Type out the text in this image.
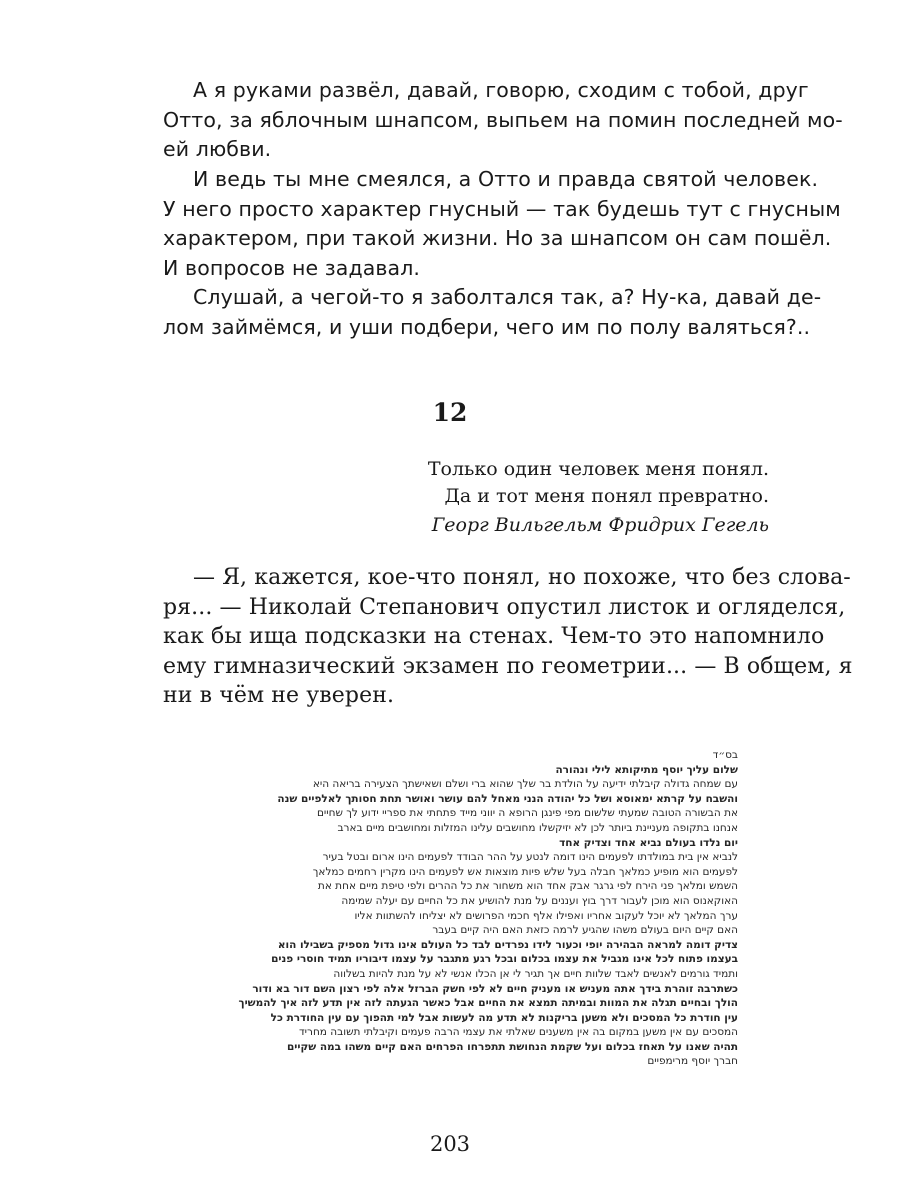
А я руками развёл, давай, говорю, сходим с тобой, друг
Отто, за яблочным шнапсом, выпьем на помин последней мо-
ей любви.

И ведь ты мне смеялся, а Отто и правда святой человек.
У него просто характер гнусный — так будешь тут с гнусным
характером, при такой жизни. Но за шнапсом он сам пошёл.
И вопросов не задавал.

Слушай, а чегой-то я заболтался так, а? Ну-ка, давай де-
лом займёмся, и уши подбери, чего им по полу валяться?..

12
Только один человек меня понял.
Да и тот меня понял превратно.
Георг Вильгельм Фридрих Гегель

— Я, кажется, кое-что понял, но похоже, что без слова-
ря... — Николай Степанович опустил листок и огляделся,
как бы ища подсказки на стенах. Чем-то это напомнило
ему гимназический экзамен по геометрии... — В общем, я
ни в чём не уверен.

בס״ד
שלום עליך יוסף מתיקותא לילי ונהורה
עם שמחה גדולה קיבלתי ידיעה על הולדת בר שלך שהוא ברי ושלם ושאישתך הצעירה בריאה היא
והשבח על קרתא ימאוסא ושל כל יהודה הנני מאחל להם עושר ואושר תחת חסותך לאלפיים שנה
את הבשורה הטובה שמעתי שלשום מפי פינגן הרופא ה יווני מייד פתחתי את ספריי ידוע לך שחיים
אנחנו בתקופה מעניינת ביותר לכן לא יזיקשלו מחושבים עלינו המזלות ומחושבים מיים בארב
יום נלדו בעולם נביא אחד וצדיק אחד
לנביא אין בית במולדתו לפעמים הינו דומה לנטע על ההר הבודד לפעמים הינו ארום ובטל בעיר
לפעמים הוא מופיע כמלאך חבלה בעל שלש פיות מוצאות אש לפעמים הינו מקרין רחמים כמלאך
השמש ומלאך פני הירח לפי גרגר אבק אחד הוא משחור את כל ההרים ולפי טיפת מיים אחת את
האוקאנוס הוא מוכן לעבור דרך בוץ ועננים על מנת להושיע את כל החיים עם יעלה שמימה
ערך המלאך לא יוכל לעקוב אחריו ואפילו אלף חכמי הפרושים לא יצליחו להשתוות אליו
האם קיים היום בעולם משהו שהגיע לרמה כזאת האם היה קיים בעבר
צדיק דומה למראה הבהירה יופי וכעור לידו נפרדים לבד כל העולם אינו גדול מספיק בשבילו הוא
בעצמו פתוח לכל אינו מגביל את עצמו בכלום ובכל רגע מתגבר על עצמו דיבוריו תמיד חוסרי פנים
ותמיד גורמים לאנשים לאבד שלוות חיים אך תגיר לי אן הכלו אנשי לא על מנת להיות בשלווה
כשתרבה זוהרת בידך אתה מעניש או מעניק חיים לא לפי חשק הברזל אלה לפי רצון השם דור בא ודור
הולך ובחיים תגלה את המוות ובמיתה תמצא את החיים אבל כאשר הגעתה לזה אין תדע לזה איך להמשיך
עין חודרת כל המסכים ולא משען בריקנות לא תדע מה לעשות אבל למי תהפוך עם עין החודרת כל
המסכים עם אין משען במקום בה אין משענים שאלתי את עצמי הרבה פעמים וקיבלתי תשובה מחריד
תהיה שאנו על תאחז בכלום ועל שקמת הנחושת תתפרחו הפרחים האם קיים משהו במה שקיים
חברך יוסף מרימפיים
203
